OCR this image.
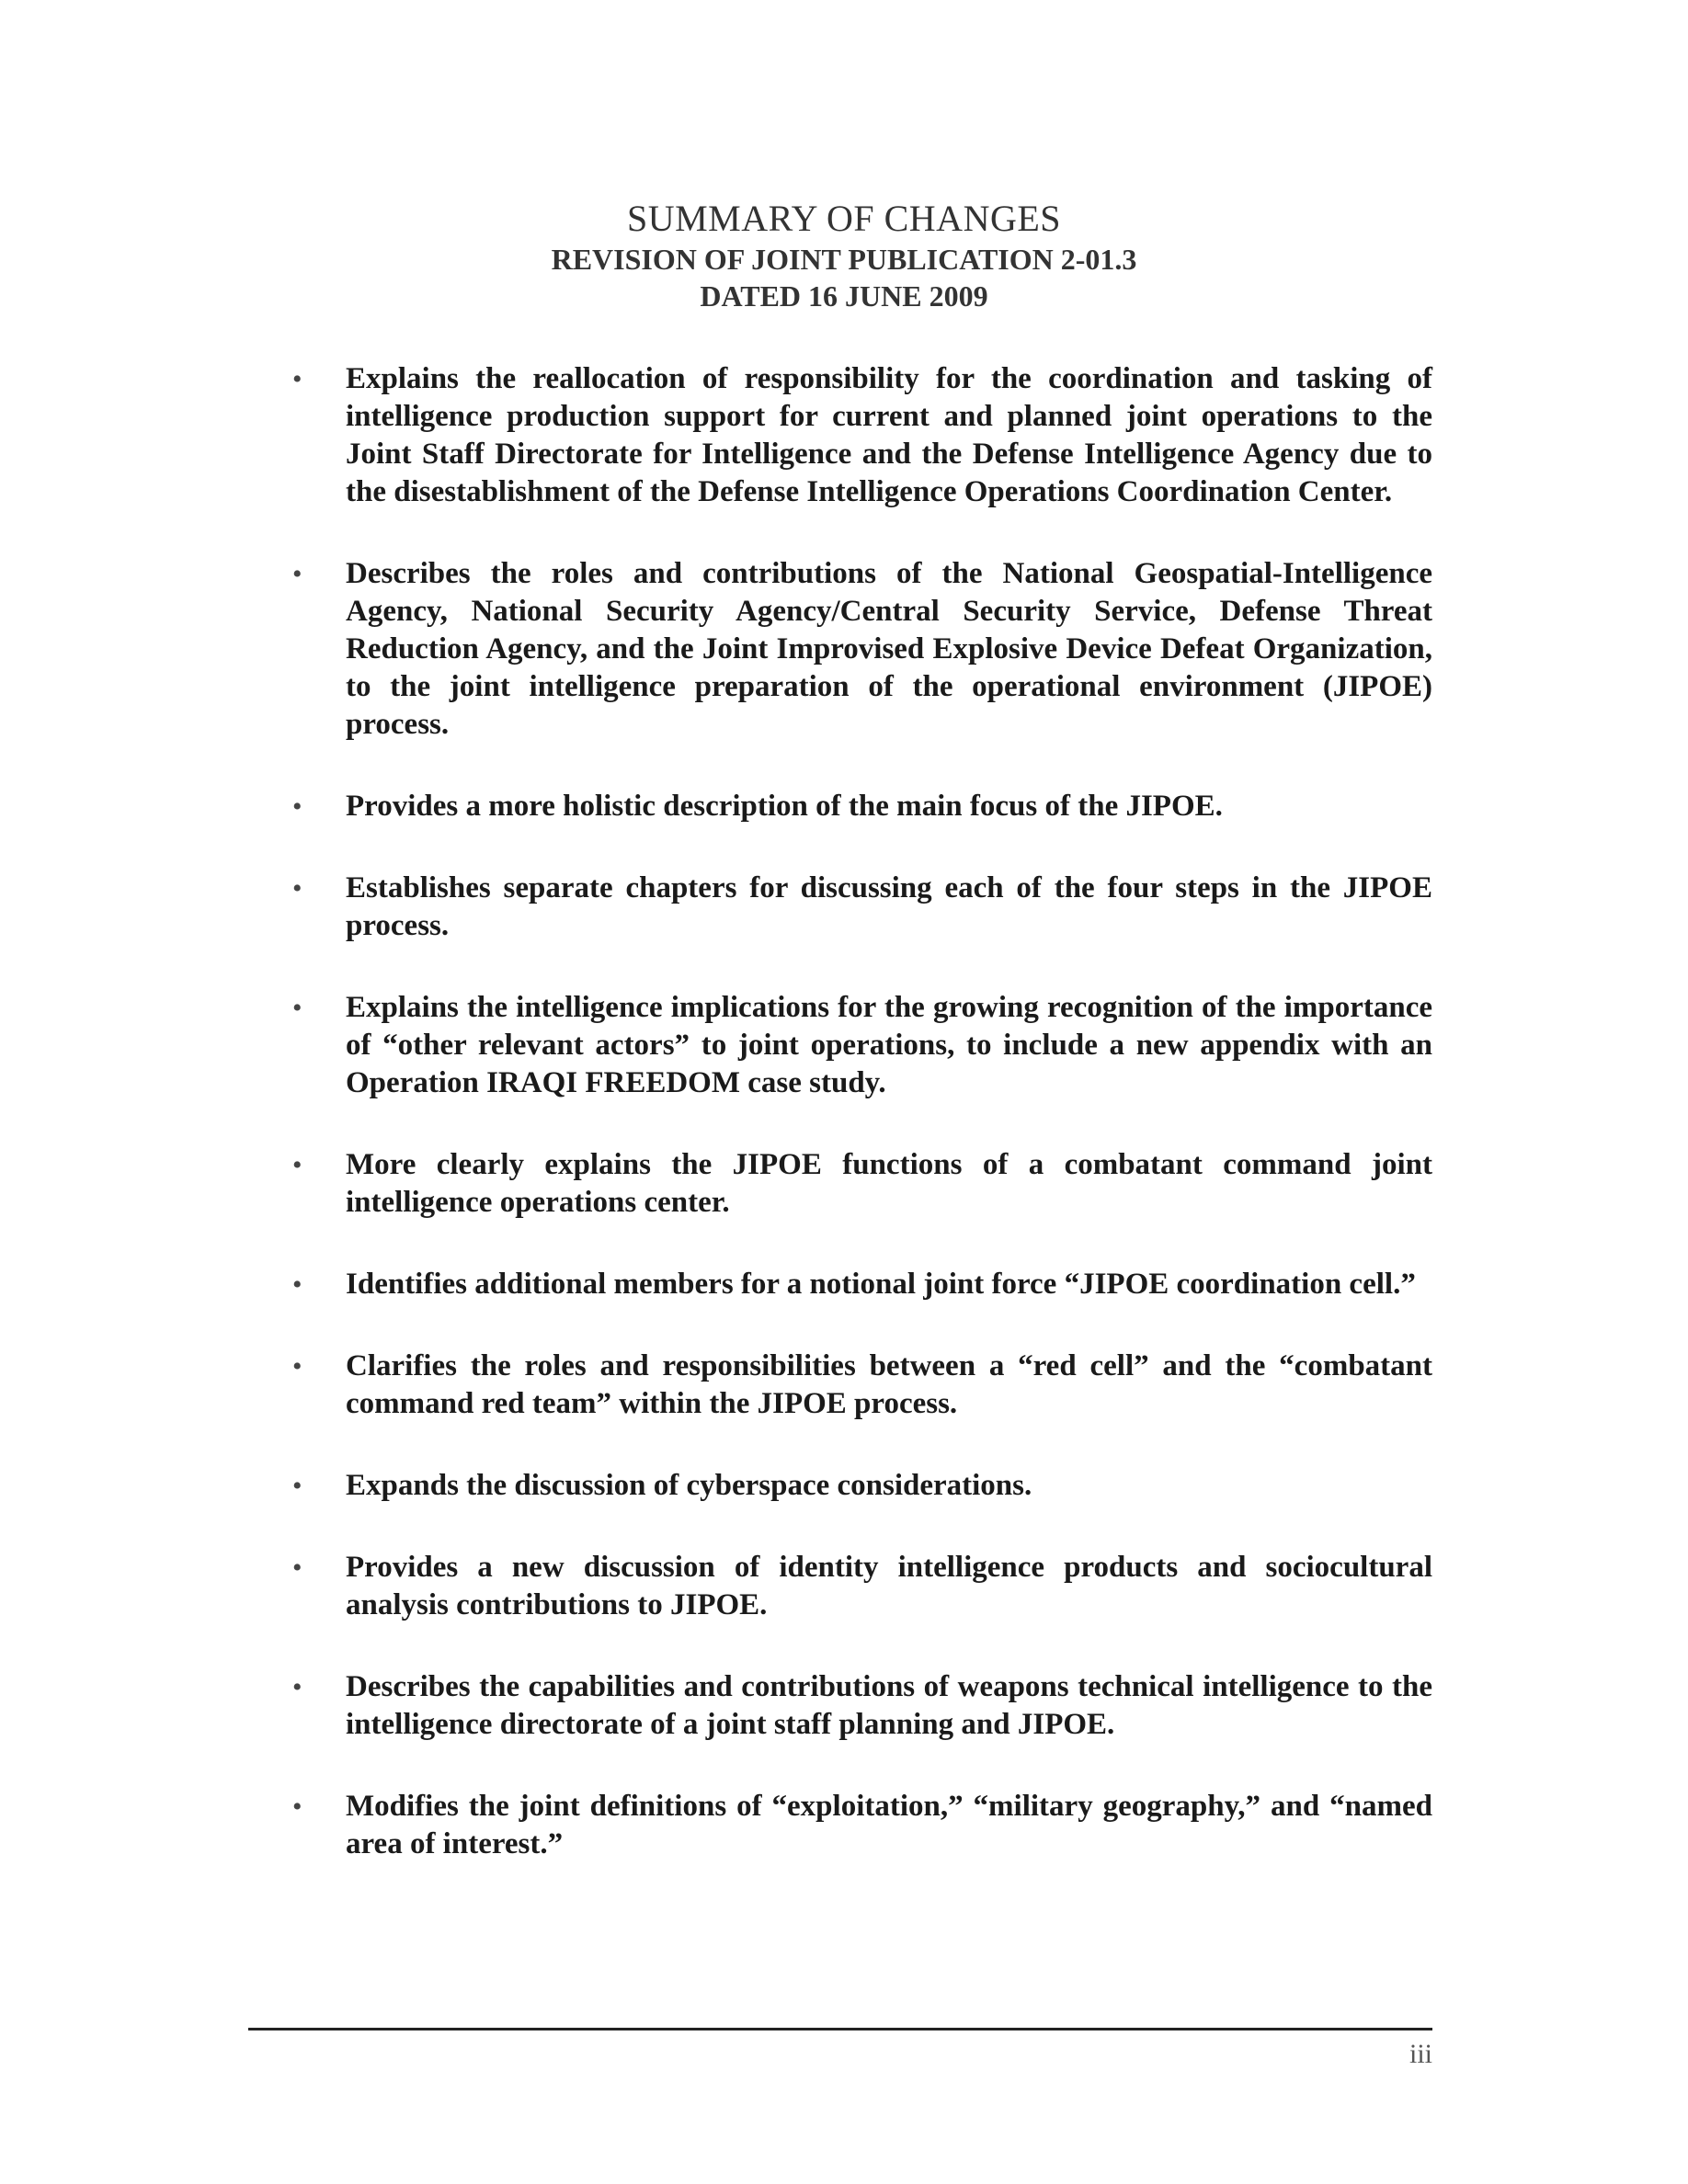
SUMMARY OF CHANGES
REVISION OF JOINT PUBLICATION 2-01.3
DATED 16 JUNE 2009
• Explains the reallocation of responsibility for the coordination and tasking of intelligence production support for current and planned joint operations to the Joint Staff Directorate for Intelligence and the Defense Intelligence Agency due to the disestablishment of the Defense Intelligence Operations Coordination Center.
• Describes the roles and contributions of the National Geospatial-Intelligence Agency, National Security Agency/Central Security Service, Defense Threat Reduction Agency, and the Joint Improvised Explosive Device Defeat Organization, to the joint intelligence preparation of the operational environment (JIPOE) process.
• Provides a more holistic description of the main focus of the JIPOE.
• Establishes separate chapters for discussing each of the four steps in the JIPOE process.
• Explains the intelligence implications for the growing recognition of the importance of “other relevant actors” to joint operations, to include a new appendix with an Operation IRAQI FREEDOM case study.
• More clearly explains the JIPOE functions of a combatant command joint intelligence operations center.
• Identifies additional members for a notional joint force “JIPOE coordination cell.”
• Clarifies the roles and responsibilities between a “red cell” and the “combatant command red team” within the JIPOE process.
• Expands the discussion of cyberspace considerations.
• Provides a new discussion of identity intelligence products and sociocultural analysis contributions to JIPOE.
• Describes the capabilities and contributions of weapons technical intelligence to the intelligence directorate of a joint staff planning and JIPOE.
• Modifies the joint definitions of “exploitation,” “military geography,” and “named area of interest.”
iii
